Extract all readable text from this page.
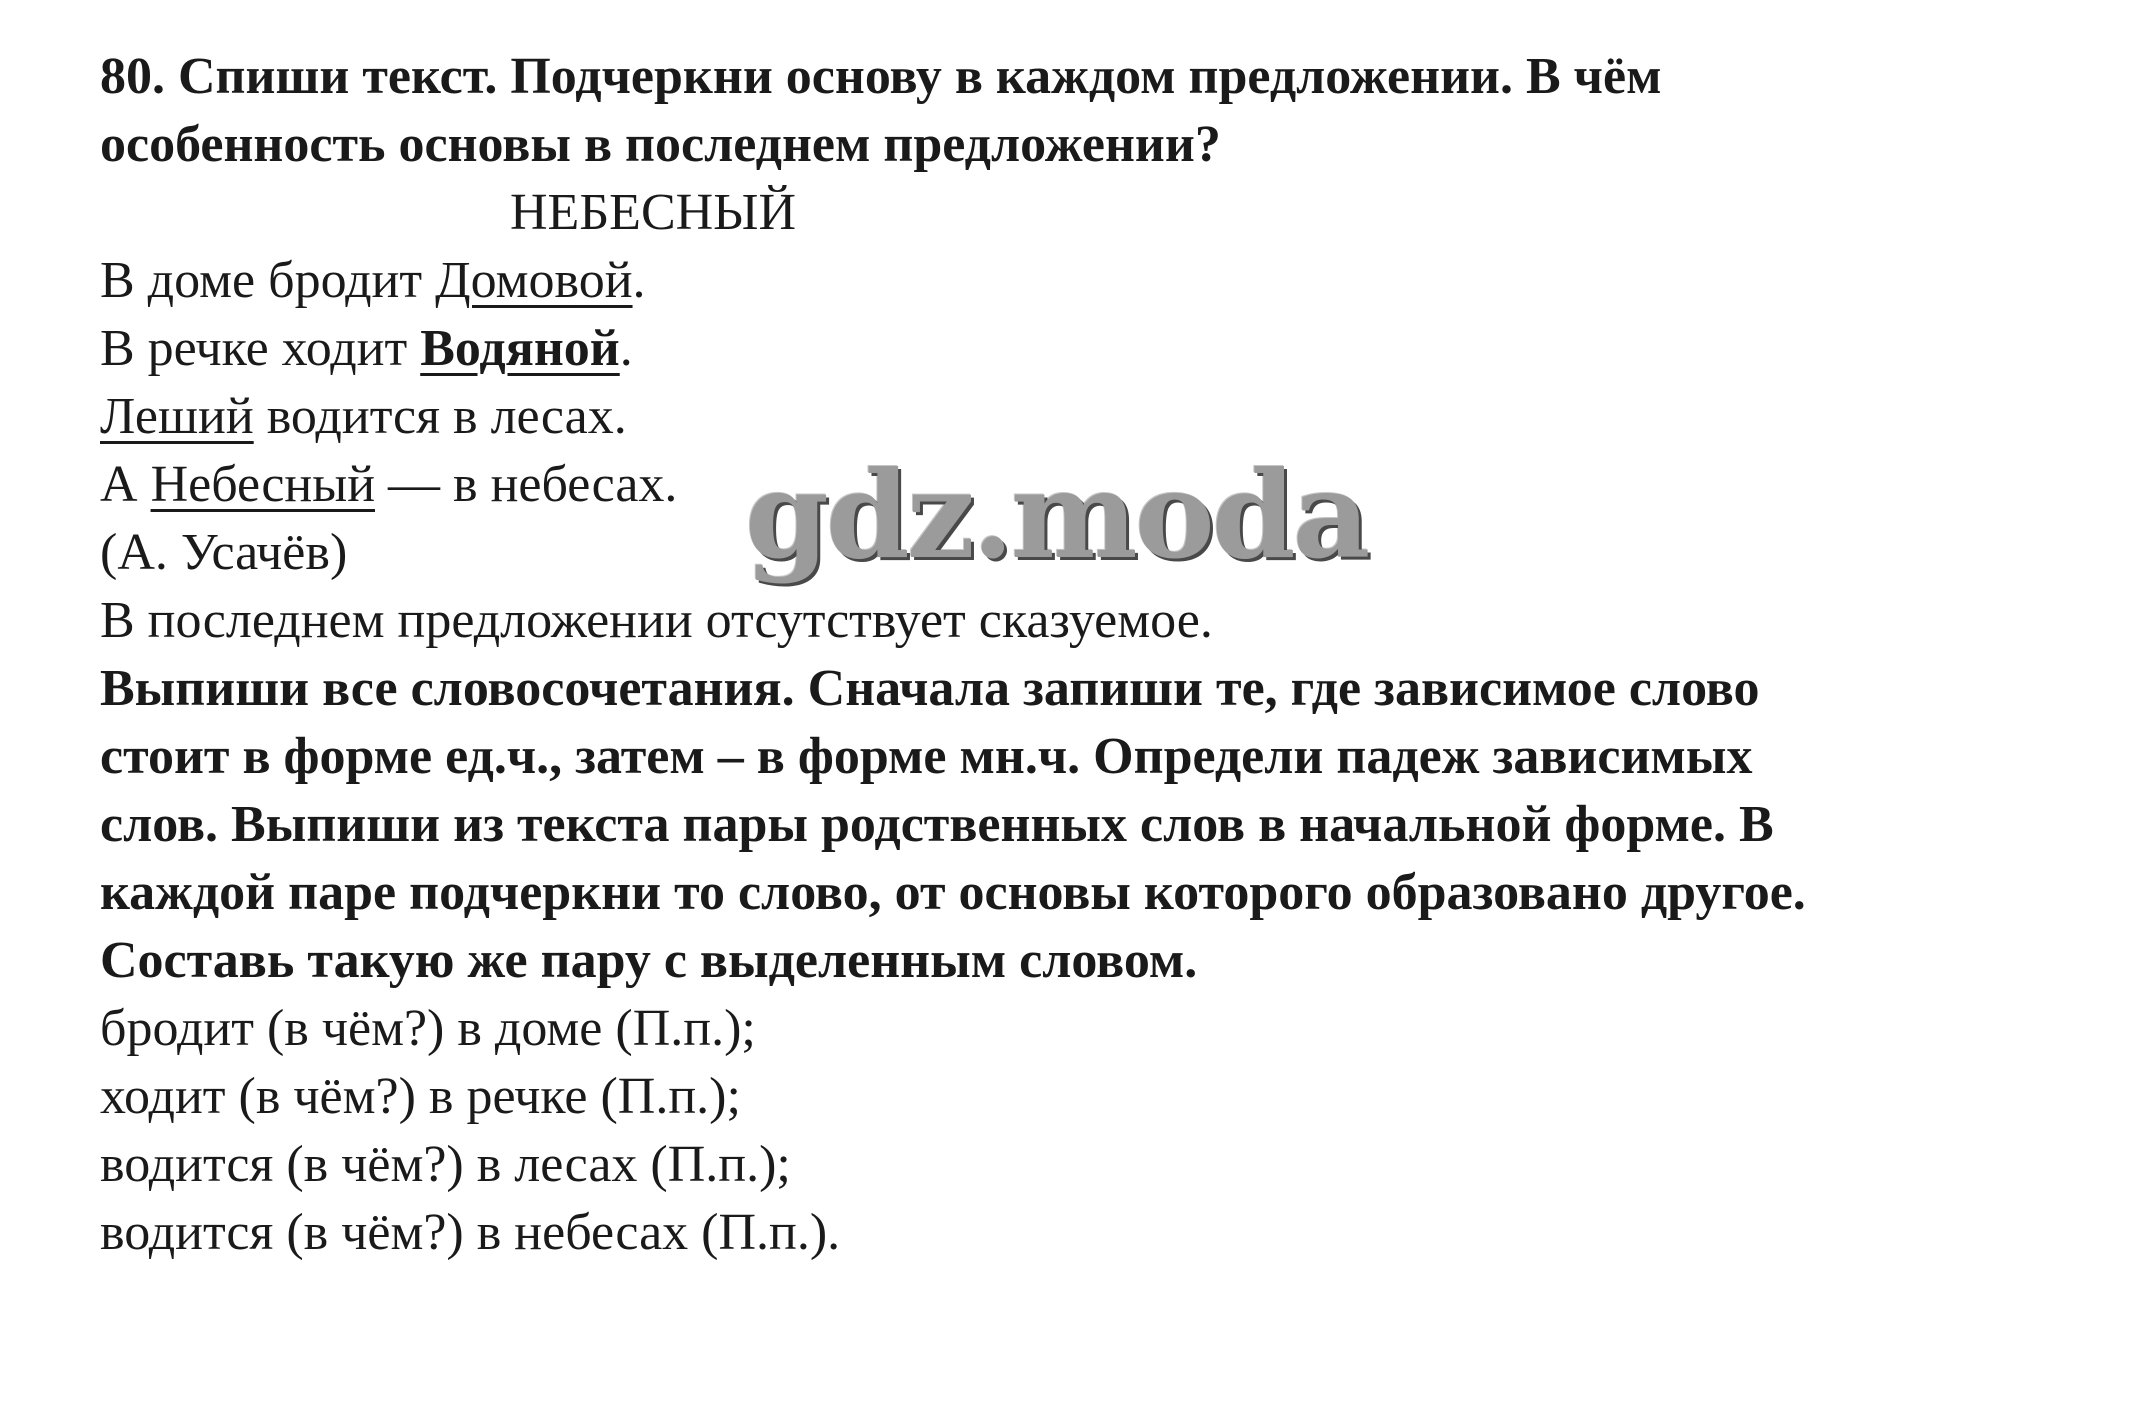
80. Спиши текст. Подчеркни основу в каждом предложении. В чём
особенность основы в последнем предложении?
НЕБЕСНЫЙ
В доме бродит Домовой.
В речке ходит Водяной.
Леший водится в лесах.
А Небесный — в небесах.
(А. Усачёв)
В последнем предложении отсутствует сказуемое.
Выпиши все словосочетания. Сначала запиши те, где зависимое слово
стоит в форме ед.ч., затем – в форме мн.ч. Определи падеж зависимых
слов. Выпиши из текста пары родственных слов в начальной форме. В
каждой паре подчеркни то слово, от основы которого образовано другое.
Составь такую же пару с выделенным словом.
бродит (в чём?) в доме (П.п.);
ходит (в чём?) в речке (П.п.);
водится (в чём?) в лесах (П.п.);
водится (в чём?) в небесах (П.п.).
gdz.moda
